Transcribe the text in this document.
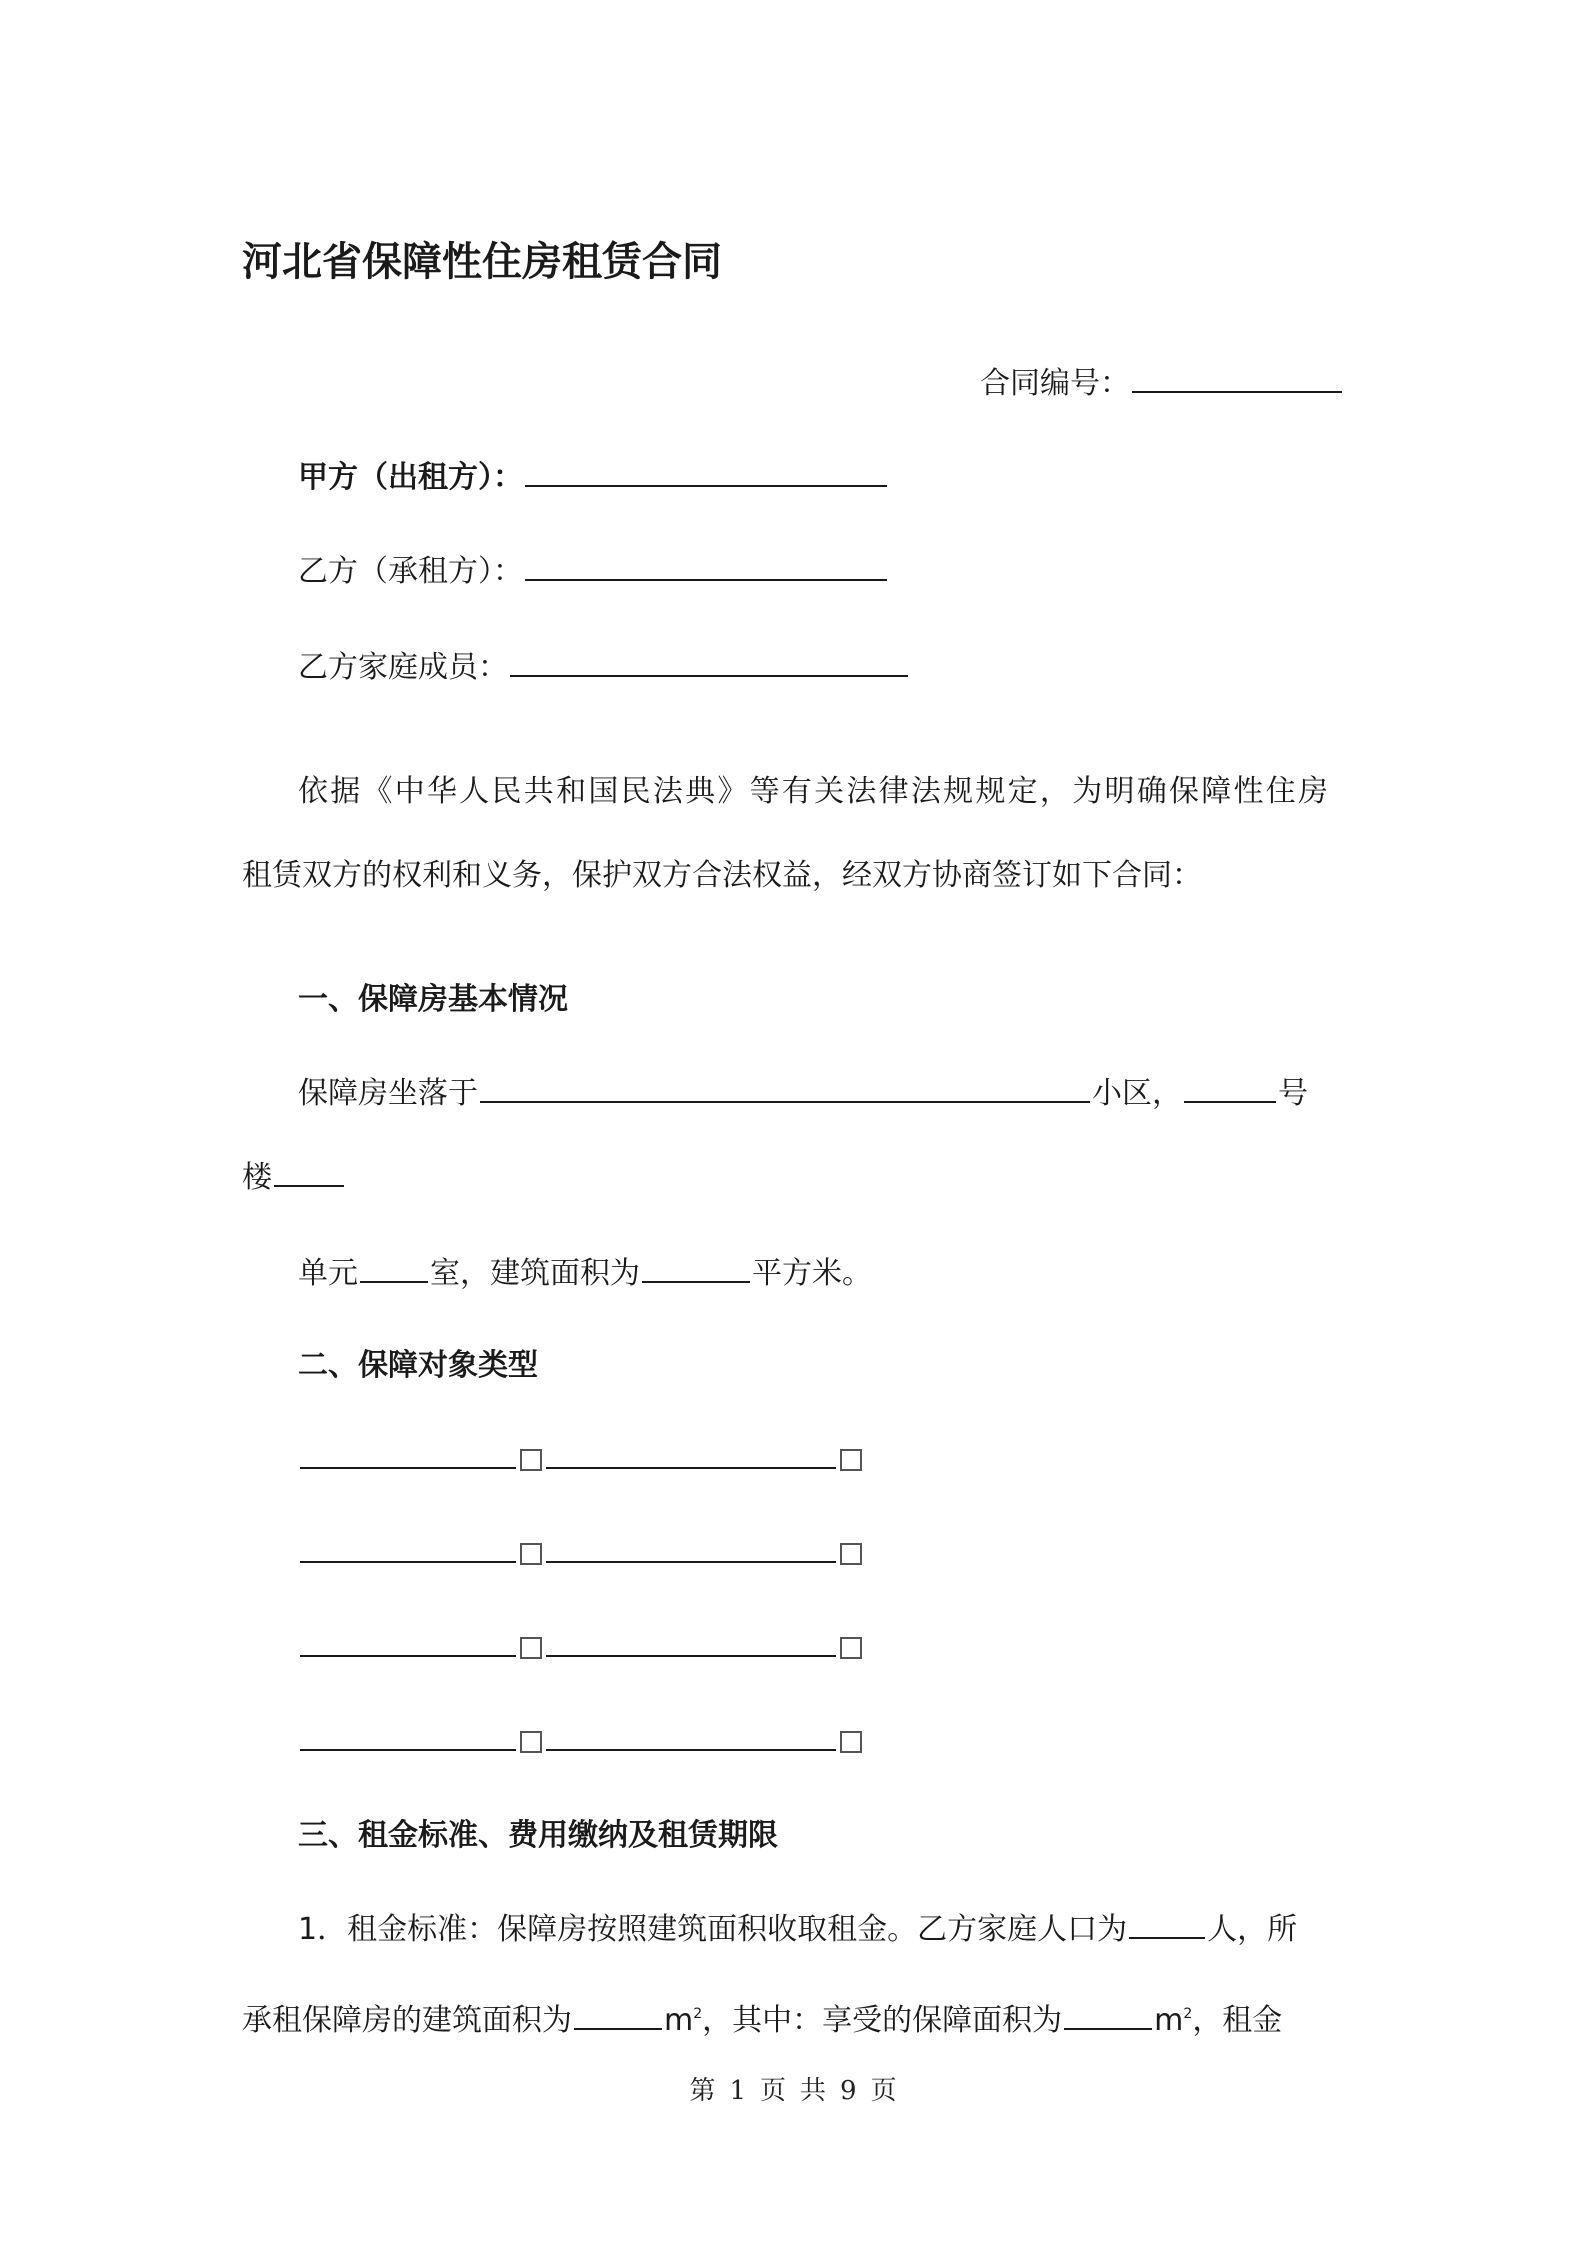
河北省保障性住房租赁合同
合同编号：
甲方（出租方）：
乙方（承租方）：
乙方家庭成员：
依据《中华人民共和国民法典》等有关法律法规规定，为明确保障性住房
租赁双方的权利和义务，保护双方合法权益，经双方协商签订如下合同：
一、保障房基本情况
保障房坐落于	小区，	号
楼
单元 室，建筑面积为	平方米。
二、保障对象类型
三、租金标准、费用缴纳及租赁期限
1．租金标准：保障房按照建筑面积收取租金。乙方家庭人口为	人，所
承租保障房的建筑面积为	$m^2$，其中：享受的保障面积为	$m^2$，租金
第 1 页 共 9 页
